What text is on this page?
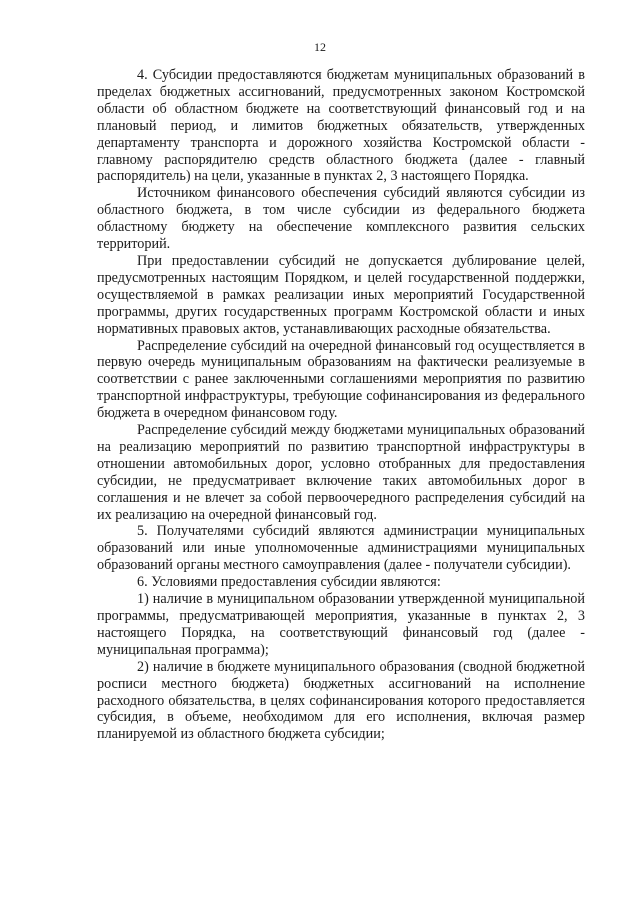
12

4. Субсидии предоставляются бюджетам муниципальных образований в пределах бюджетных ассигнований, предусмотренных законом Костромской области об областном бюджете на соответствующий финансовый год и на плановый период, и лимитов бюджетных обязательств, утвержденных департаменту транспорта и дорожного хозяйства Костромской области - главному распорядителю средств областного бюджета (далее - главный распорядитель) на цели, указанные в пунктах 2, 3 настоящего Порядка.

Источником финансового обеспечения субсидий являются субсидии из областного бюджета, в том числе субсидии из федерального бюджета областному бюджету на обеспечение комплексного развития сельских территорий.

При предоставлении субсидий не допускается дублирование целей, предусмотренных настоящим Порядком, и целей государственной поддержки, осуществляемой в рамках реализации иных мероприятий Государственной программы, других государственных программ Костромской области и иных нормативных правовых актов, устанавливающих расходные обязательства.

Распределение субсидий на очередной финансовый год осуществляется в первую очередь муниципальным образованиям на фактически реализуемые в соответствии с ранее заключенными соглашениями мероприятия по развитию транспортной инфраструктуры, требующие софинансирования из федерального бюджета в очередном финансовом году.

Распределение субсидий между бюджетами муниципальных образований на реализацию мероприятий по развитию транспортной инфраструктуры в отношении автомобильных дорог, условно отобранных для предоставления субсидии, не предусматривает включение таких автомобильных дорог в соглашения и не влечет за собой первоочередного распределения субсидий на их реализацию на очередной финансовый год.

5. Получателями субсидий являются администрации муниципальных образований или иные уполномоченные администрациями муниципальных образований органы местного самоуправления (далее - получатели субсидии).

6. Условиями предоставления субсидии являются:

1) наличие в муниципальном образовании утвержденной муниципальной программы, предусматривающей мероприятия, указанные в пунктах 2, 3 настоящего Порядка, на соответствующий финансовый год (далее - муниципальная программа);

2) наличие в бюджете муниципального образования (сводной бюджетной росписи местного бюджета) бюджетных ассигнований на исполнение расходного обязательства, в целях софинансирования которого предоставляется субсидия, в объеме, необходимом для его исполнения, включая размер планируемой из областного бюджета субсидии;
